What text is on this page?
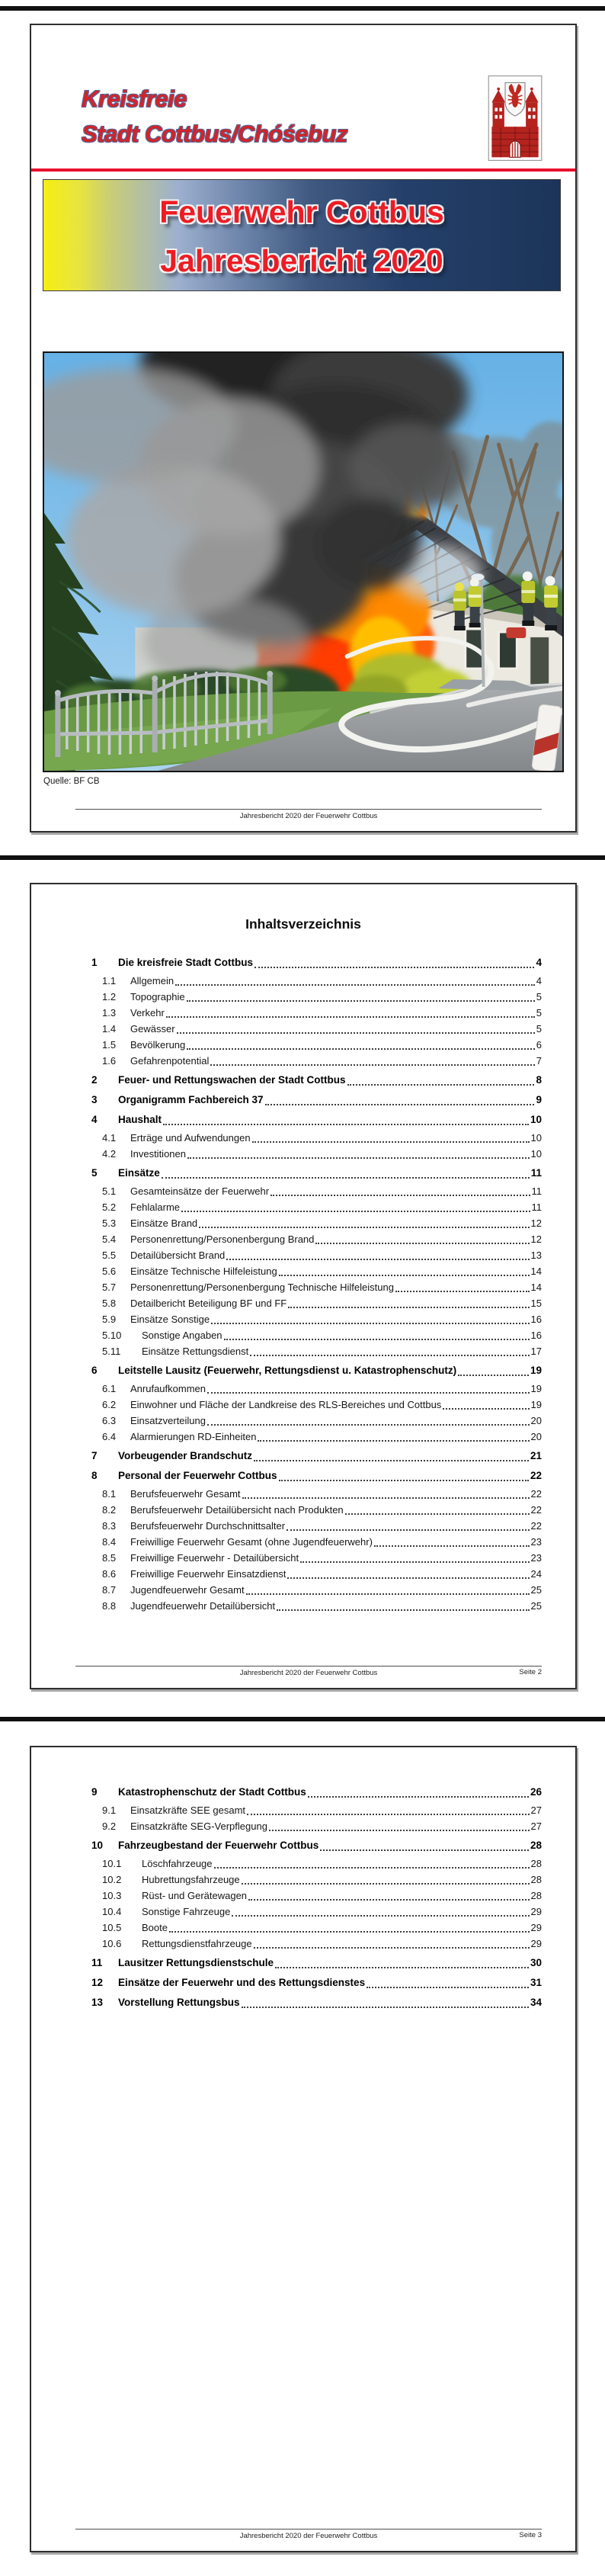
Kreisfreie
Stadt Cottbus/Chóśebuz
Feuerwehr Cottbus
Jahresbericht 2020
Quelle: BF CB
Jahresbericht 2020 der Feuerwehr Cottbus
Inhaltsverzeichnis
1	Die kreisfreie Stadt Cottbus	4
1.1	Allgemein	4
1.2	Topographie	5
1.3	Verkehr	5
1.4	Gewässer	5
1.5	Bevölkerung	6
1.6	Gefahrenpotential	7
2	Feuer- und Rettungswachen der Stadt Cottbus	8
3	Organigramm Fachbereich 37	9
4	Haushalt	10
4.1	Erträge und Aufwendungen	10
4.2	Investitionen	10
5	Einsätze	11
5.1	Gesamteinsätze der Feuerwehr	11
5.2	Fehlalarme	11
5.3	Einsätze Brand	12
5.4	Personenrettung/Personenbergung Brand	12
5.5	Detailübersicht Brand	13
5.6	Einsätze Technische Hilfeleistung	14
5.7	Personenrettung/Personenbergung Technische Hilfeleistung	14
5.8	Detailbericht Beteiligung BF und FF	15
5.9	Einsätze Sonstige	16
5.10	Sonstige Angaben	16
5.11	Einsätze Rettungsdienst	17
6	Leitstelle Lausitz (Feuerwehr, Rettungsdienst u. Katastrophenschutz)	19
6.1	Anrufaufkommen	19
6.2	Einwohner und Fläche der Landkreise des RLS-Bereiches und Cottbus	19
6.3	Einsatzverteilung	20
6.4	Alarmierungen RD-Einheiten	20
7	Vorbeugender Brandschutz	21
8	Personal der Feuerwehr Cottbus	22
8.1	Berufsfeuerwehr Gesamt	22
8.2	Berufsfeuerwehr Detailübersicht nach Produkten	22
8.3	Berufsfeuerwehr Durchschnittsalter	22
8.4	Freiwillige Feuerwehr Gesamt (ohne Jugendfeuerwehr)	23
8.5	Freiwillige Feuerwehr - Detailübersicht	23
8.6	Freiwillige Feuerwehr Einsatzdienst	24
8.7	Jugendfeuerwehr Gesamt	25
8.8	Jugendfeuerwehr Detailübersicht	25
Jahresbericht 2020 der Feuerwehr Cottbus	Seite 2
9	Katastrophenschutz der Stadt Cottbus	26
9.1	Einsatzkräfte SEE gesamt	27
9.2	Einsatzkräfte SEG-Verpflegung	27
10	Fahrzeugbestand der Feuerwehr Cottbus	28
10.1	Löschfahrzeuge	28
10.2	Hubrettungsfahrzeuge	28
10.3	Rüst- und Gerätewagen	28
10.4	Sonstige Fahrzeuge	29
10.5	Boote	29
10.6	Rettungsdienstfahrzeuge	29
11	Lausitzer Rettungsdienstschule	30
12	Einsätze der Feuerwehr und des Rettungsdienstes	31
13	Vorstellung Rettungsbus	34
Jahresbericht 2020 der Feuerwehr Cottbus	Seite 3
